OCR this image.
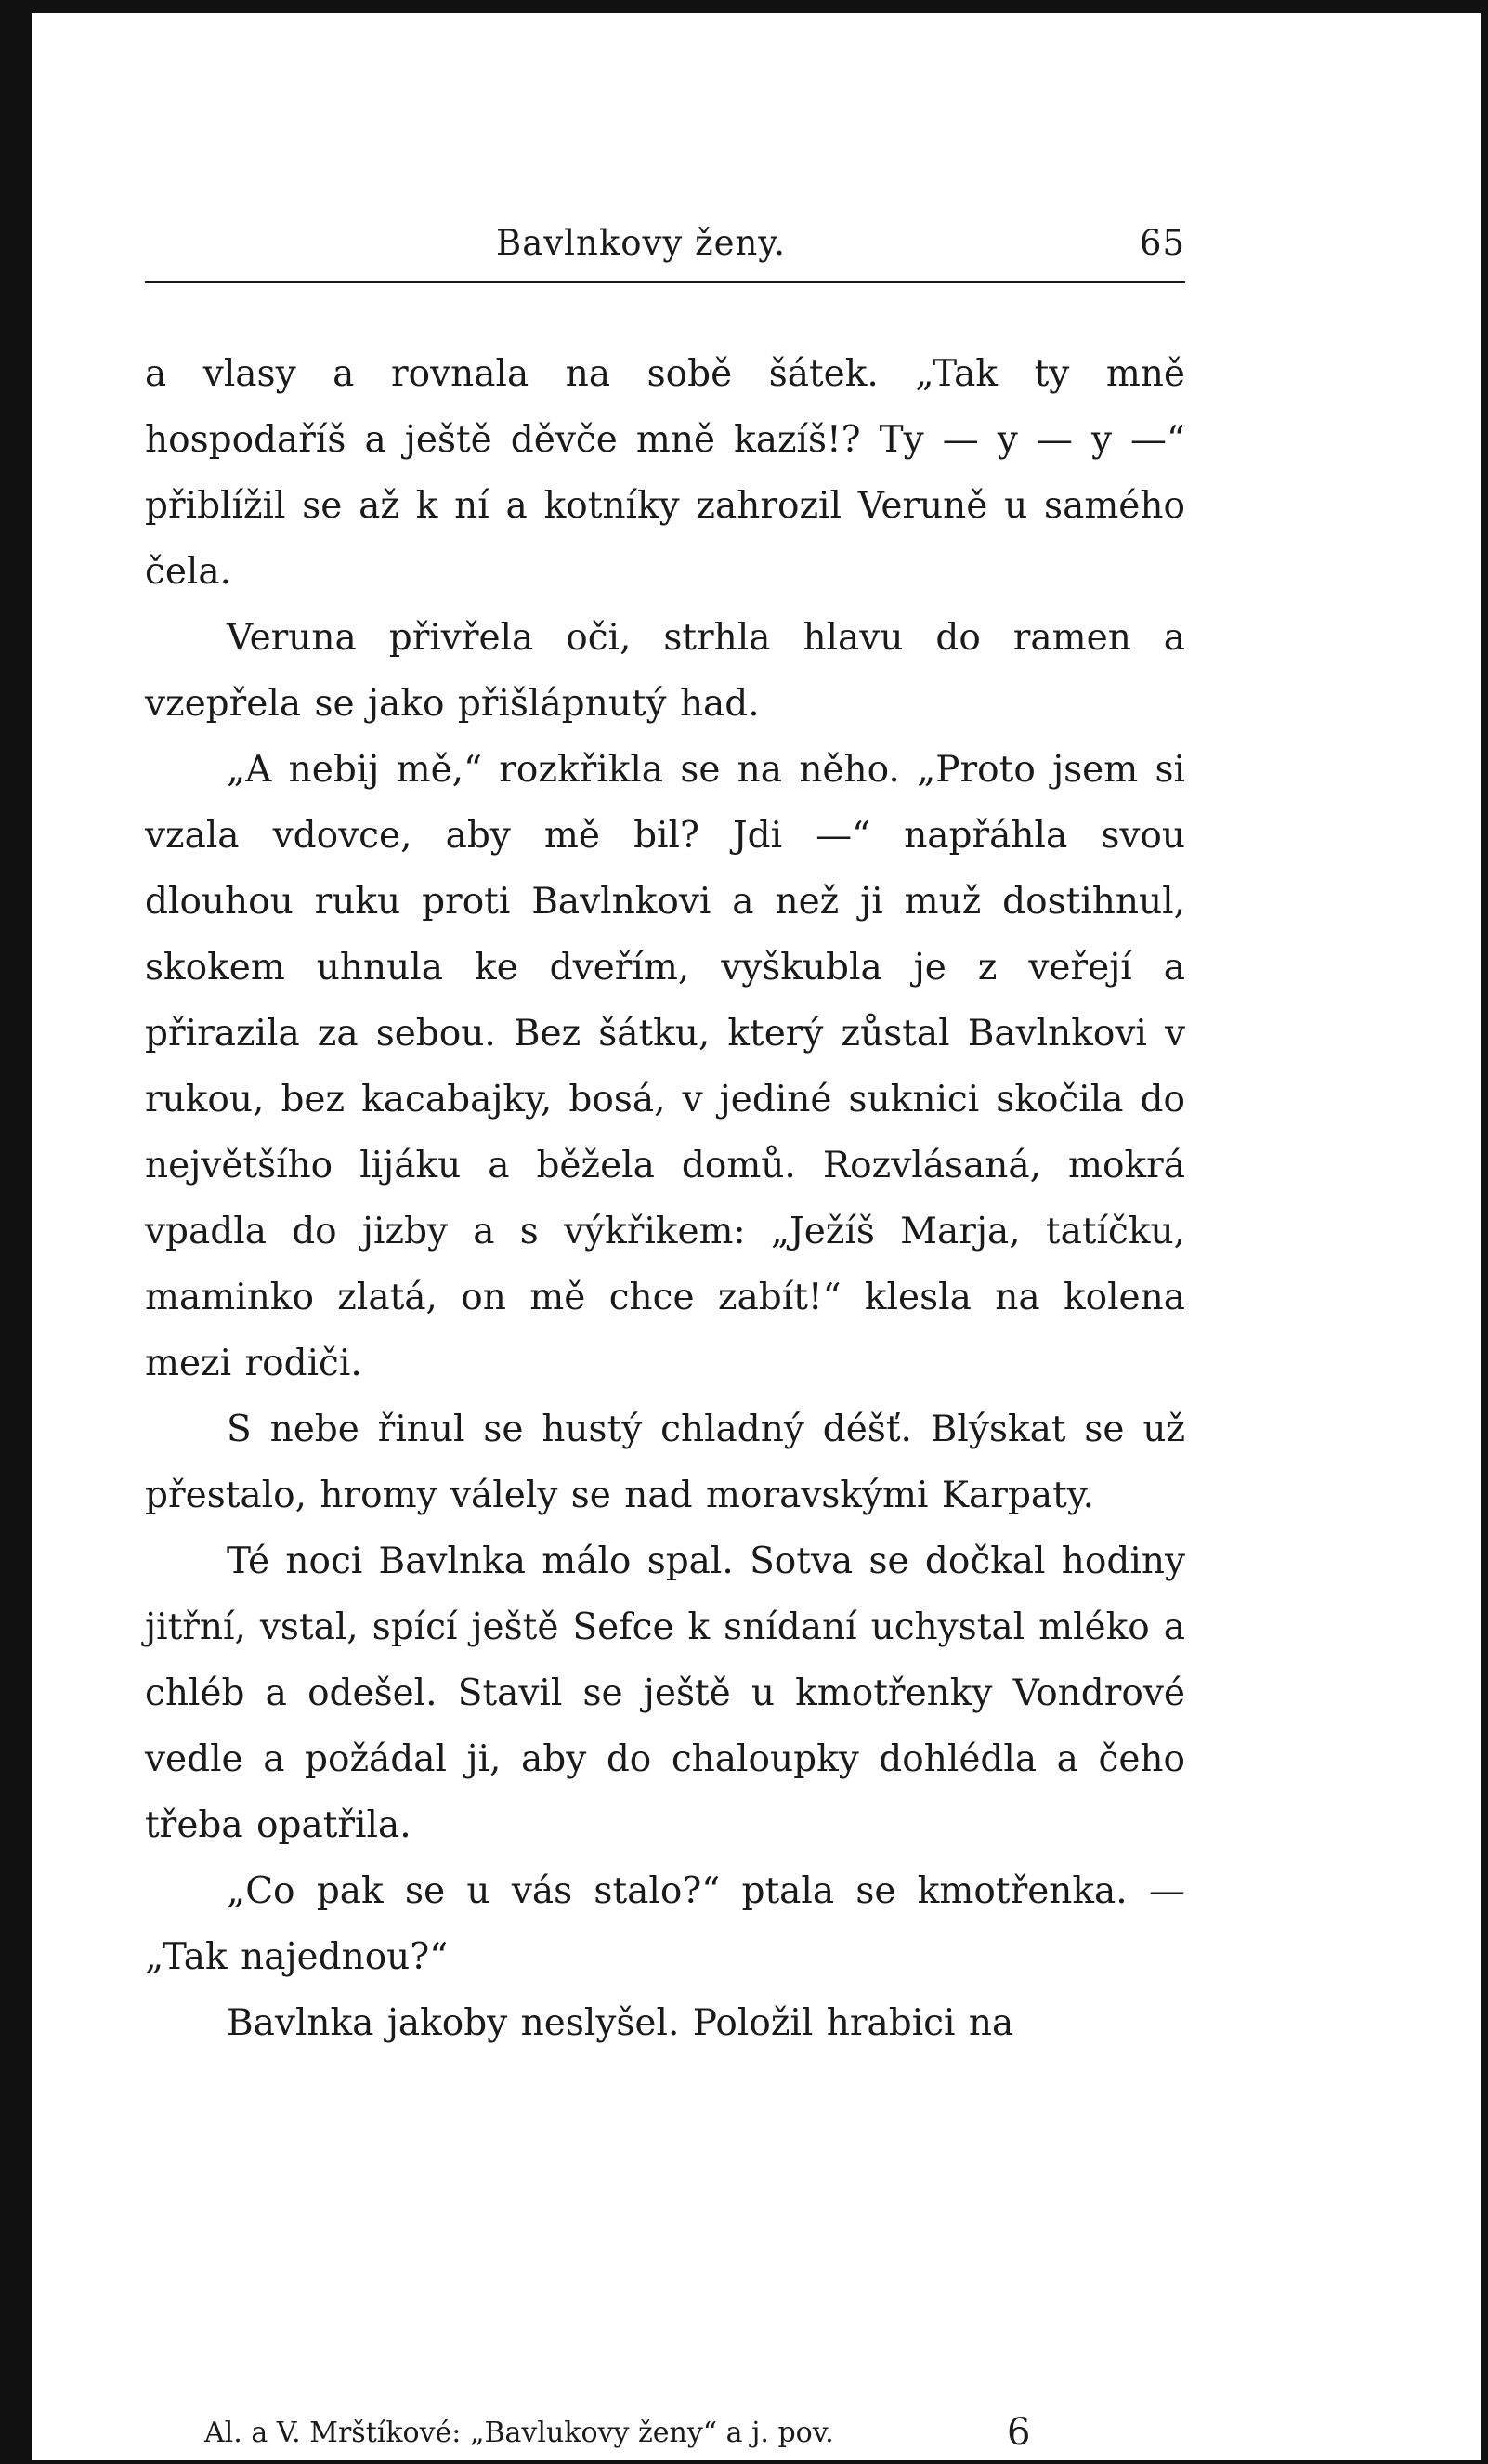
Bavlnkovy ženy.	65

a vlasy a rovnala na sobě šátek. „Tak ty mně hospodaříš a ještě děvče mně kazíš!? Ty — y — y —“ přiblížil se až k ní a kotníky zahrozil Veruně u samého čela.

Veruna přivřela oči, strhla hlavu do ramen a vzepřela se jako přišlápnutý had.

„A nebij mě,“ rozkřikla se na něho. „Proto jsem si vzala vdovce, aby mě bil? Jdi —“ napřáhla svou dlouhou ruku proti Bavlnkovi a než ji muž dostihnul, skokem uhnula ke dveřím, vyškubla je z veřejí a přirazila za sebou. Bez šátku, který zůstal Bavlnkovi v rukou, bez kacabajky, bosá, v jediné suknici skočila do největšího lijáku a běžela domů. Rozvlásaná, mokrá vpadla do jizby a s výkřikem: „Ježíš Marja, tatíčku, maminko zlatá, on mě chce zabít!“ klesla na kolena mezi rodiči.

S nebe řinul se hustý chladný déšť. Blýskat se už přestalo, hromy válely se nad moravskými Karpaty.

Té noci Bavlnka málo spal. Sotva se dočkal hodiny jitřní, vstal, spící ještě Sefce k snídaní uchystal mléko a chléb a odešel. Stavil se ještě u kmotřenky Vondrové vedle a požádal ji, aby do chaloupky dohlédla a čeho třeba opatřila.

„Co pak se u vás stalo?“ ptala se kmotřenka. — „Tak najednou?“

Bavlnka jakoby neslyšel. Položil hrabici na

Al. a V. Mrštíkové: „Bavlukovy ženy“ a j. pov.	6
